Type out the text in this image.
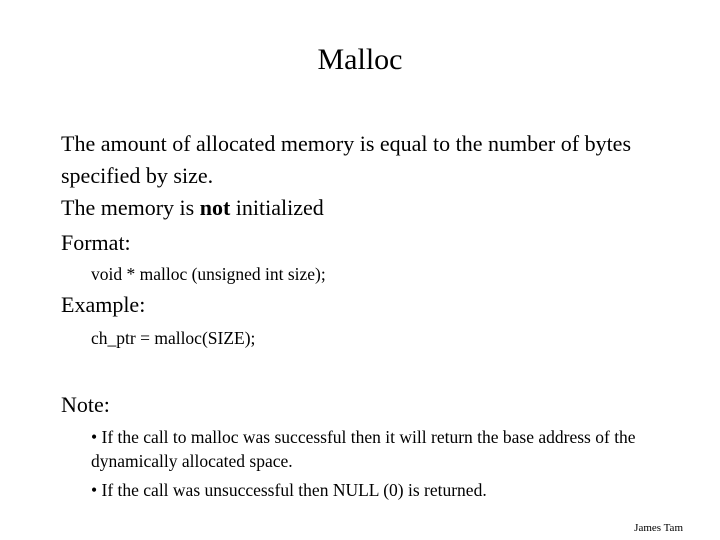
Malloc
The amount of allocated memory is equal to the number of bytes specified by size.
The memory is not initialized
Format:
void * malloc (unsigned int size);
Example:
ch_ptr = malloc(SIZE);
Note:
• If the call to malloc was successful then it will return the base address of the dynamically allocated space.
• If the call was unsuccessful then NULL (0) is returned.
James Tam
